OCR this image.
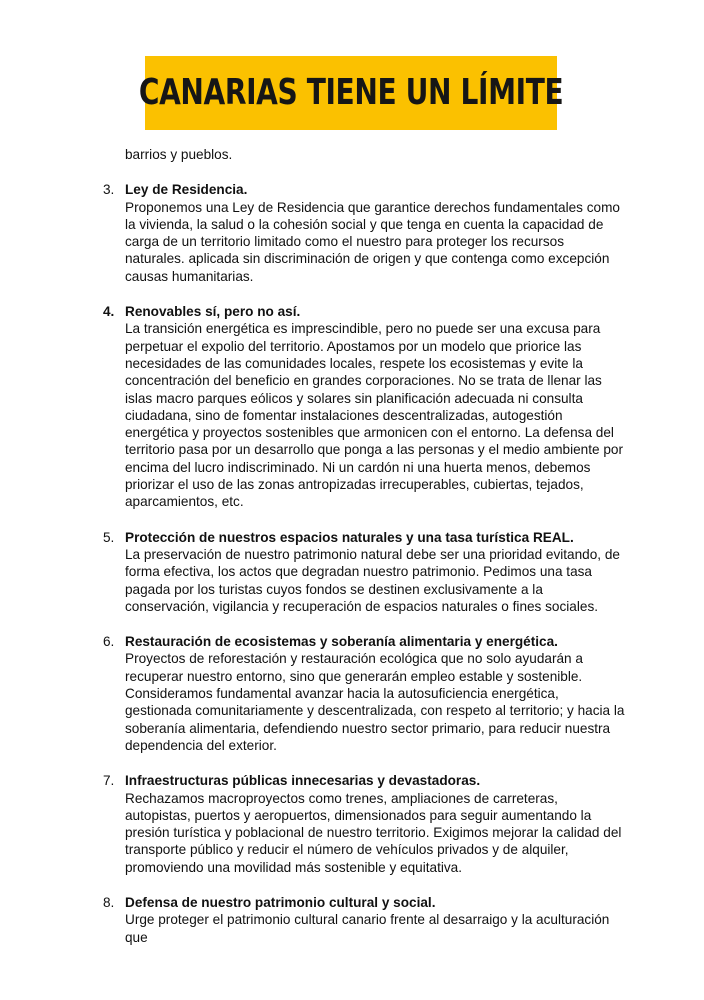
CANARIAS TIENE UN LÍMITE
barrios y pueblos.
3. Ley de Residencia.
Proponemos una Ley de Residencia que garantice derechos fundamentales como la vivienda, la salud o la cohesión social y que tenga en cuenta la capacidad de carga de un territorio limitado como el nuestro para proteger los recursos naturales. aplicada sin discriminación de origen y que contenga como excepción causas humanitarias.
4. Renovables sí, pero no así.
La transición energética es imprescindible, pero no puede ser una excusa para perpetuar el expolio del territorio. Apostamos por un modelo que priorice las necesidades de las comunidades locales, respete los ecosistemas y evite la concentración del beneficio en grandes corporaciones. No se trata de llenar las islas macro parques eólicos y solares sin planificación adecuada ni consulta ciudadana, sino de fomentar instalaciones descentralizadas, autogestión energética y proyectos sostenibles que armonicen con el entorno. La defensa del territorio pasa por un desarrollo que ponga a las personas y el medio ambiente por encima del lucro indiscriminado. Ni un cardón ni una huerta menos, debemos priorizar el uso de las zonas antropizadas irrecuperables, cubiertas, tejados, aparcamientos, etc.
5. Protección de nuestros espacios naturales y una tasa turística REAL.
La preservación de nuestro patrimonio natural debe ser una prioridad evitando, de forma efectiva, los actos que degradan nuestro patrimonio. Pedimos una tasa pagada por los turistas cuyos fondos se destinen exclusivamente a la conservación, vigilancia y recuperación de espacios naturales o fines sociales.
6. Restauración de ecosistemas y soberanía alimentaria y energética.
Proyectos de reforestación y restauración ecológica que no solo ayudarán a recuperar nuestro entorno, sino que generarán empleo estable y sostenible. Consideramos fundamental avanzar hacia la autosuficiencia energética, gestionada comunitariamente y descentralizada, con respeto al territorio; y hacia la soberanía alimentaria, defendiendo nuestro sector primario, para reducir nuestra dependencia del exterior.
7. Infraestructuras públicas innecesarias y devastadoras.
Rechazamos macroproyectos como trenes, ampliaciones de carreteras, autopistas, puertos y aeropuertos, dimensionados para seguir aumentando la presión turística y poblacional de nuestro territorio. Exigimos mejorar la calidad del transporte público y reducir el número de vehículos privados y de alquiler, promoviendo una movilidad más sostenible y equitativa.
8. Defensa de nuestro patrimonio cultural y social.
Urge proteger el patrimonio cultural canario frente al desarraigo y la aculturación que
